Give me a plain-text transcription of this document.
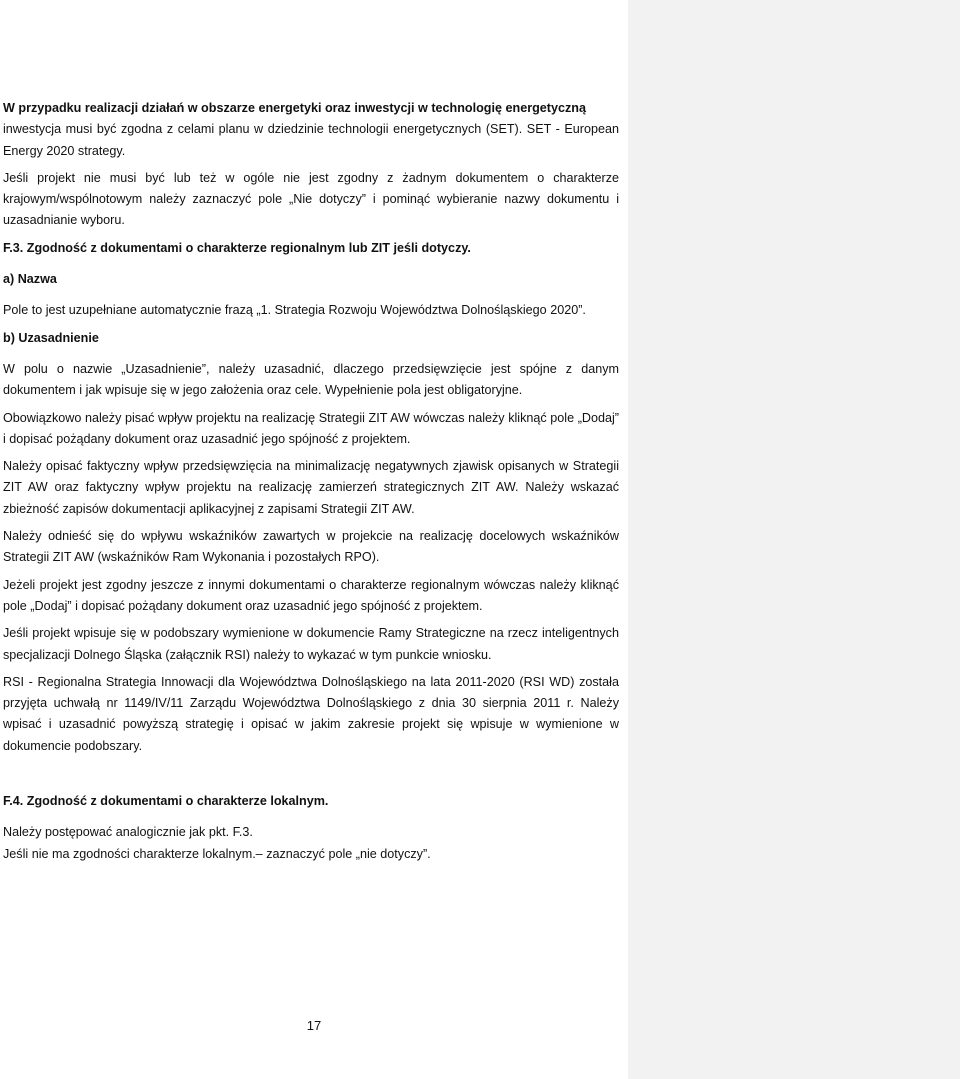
W przypadku realizacji działań w obszarze energetyki oraz inwestycji w technologię energetyczną

inwestycja musi być zgodna z celami planu w dziedzinie technologii energetycznych (SET). SET - European Energy 2020 strategy.

Jeśli projekt nie musi być lub też w ogóle nie jest zgodny z żadnym dokumentem o charakterze krajowym/wspólnotowym należy zaznaczyć pole „Nie dotyczy” i pominąć wybieranie nazwy dokumentu i uzasadnianie wyboru.

F.3. Zgodność z dokumentami o charakterze regionalnym lub ZIT jeśli dotyczy.

a) Nazwa

Pole to jest uzupełniane automatycznie frazą „1. Strategia Rozwoju Województwa Dolnośląskiego 2020”.

b) Uzasadnienie

W polu o nazwie „Uzasadnienie”, należy uzasadnić, dlaczego przedsięwzięcie jest spójne z danym dokumentem i jak wpisuje się w jego założenia oraz cele. Wypełnienie pola jest obligatoryjne.

Obowiązkowo należy pisać wpływ projektu na realizację Strategii ZIT AW wówczas należy kliknąć pole „Dodaj” i dopisać pożądany dokument oraz uzasadnić jego spójność z projektem.

Należy opisać faktyczny wpływ przedsięwzięcia na minimalizację negatywnych zjawisk opisanych w Strategii ZIT AW oraz faktyczny wpływ projektu na realizację zamierzeń strategicznych ZIT AW. Należy wskazać zbieżność zapisów dokumentacji aplikacyjnej z zapisami Strategii ZIT AW.

Należy odnieść się do wpływu wskaźników zawartych w projekcie na realizację docelowych wskaźników Strategii ZIT AW (wskaźników Ram Wykonania i pozostałych RPO).

Jeżeli projekt jest zgodny jeszcze z innymi dokumentami o charakterze regionalnym wówczas należy kliknąć pole „Dodaj” i dopisać pożądany dokument oraz uzasadnić jego spójność z projektem.

Jeśli projekt wpisuje się w podobszary wymienione w dokumencie Ramy Strategiczne na rzecz inteligentnych specjalizacji Dolnego Śląska (załącznik RSI) należy to wykazać w tym punkcie wniosku.

RSI - Regionalna Strategia Innowacji dla Województwa Dolnośląskiego na lata 2011-2020 (RSI WD) została przyjęta uchwałą nr 1149/IV/11 Zarządu Województwa Dolnośląskiego z dnia 30 sierpnia 2011 r. Należy wpisać i uzasadnić powyższą strategię i opisać w jakim zakresie projekt się wpisuje w wymienione w dokumencie podobszary.

F.4. Zgodność z dokumentami o charakterze lokalnym.

Należy postępować analogicznie jak pkt. F.3.

Jeśli nie ma zgodności charakterze lokalnym.– zaznaczyć pole „nie dotyczy”.

17
